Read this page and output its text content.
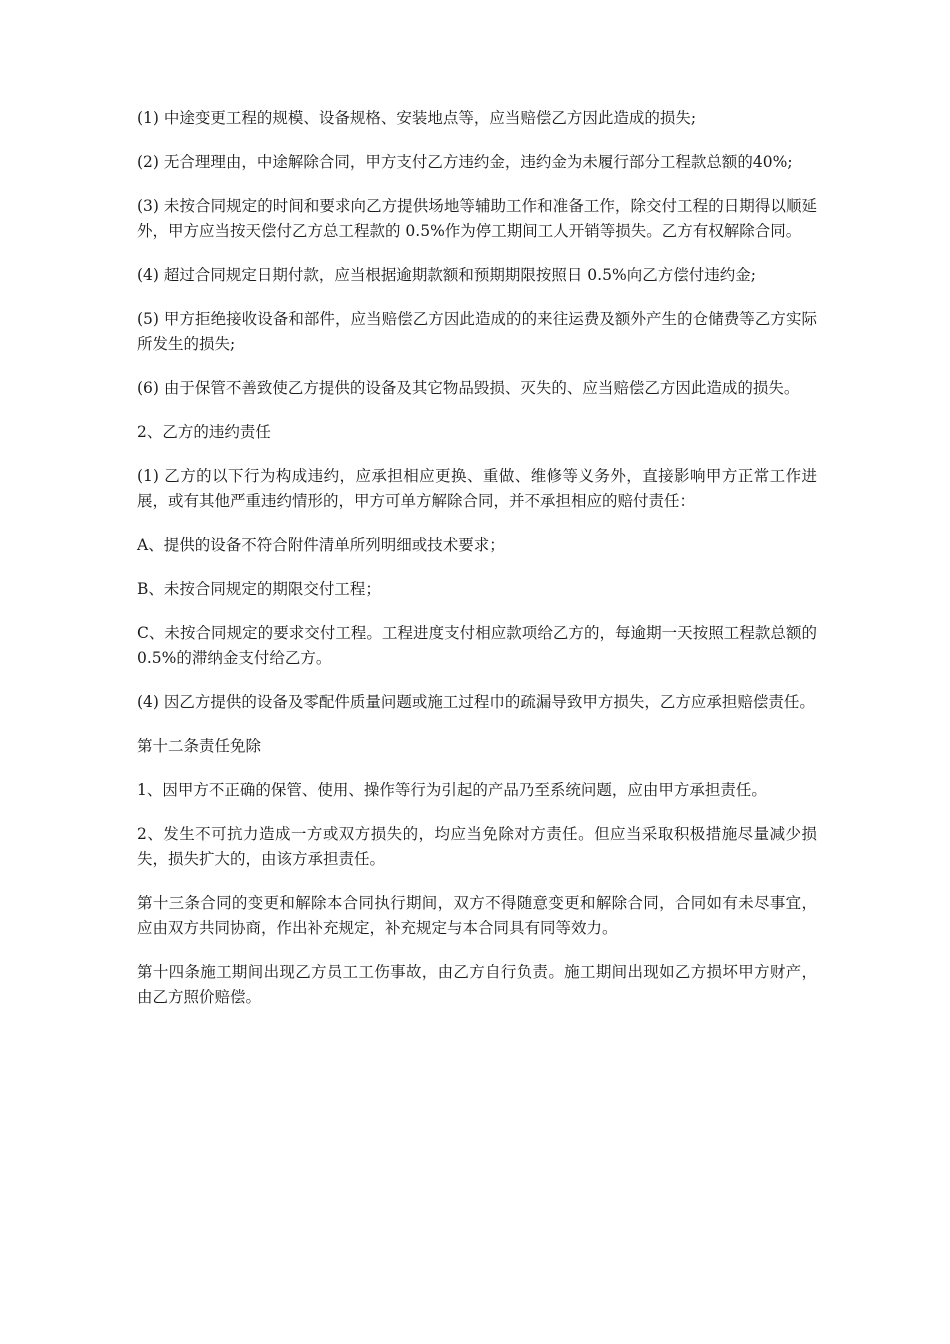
(1) 中途变更工程的规模、设备规格、安装地点等，应当赔偿乙方因此造成的损失;

(2) 无合理理由，中途解除合同，甲方支付乙方违约金，违约金为未履行部分工程款总额的40%;

(3) 未按合同规定的时间和要求向乙方提供场地等辅助工作和准备工作，除交付工程的日期得以顺延外，甲方应当按天偿付乙方总工程款的 0.5%作为停工期间工人开销等损失。乙方有权解除合同。

(4) 超过合同规定日期付款，应当根据逾期款额和预期期限按照日 0.5%向乙方偿付违约金;

(5) 甲方拒绝接收设备和部件，应当赔偿乙方因此造成的的来往运费及额外产生的仓储费等乙方实际所发生的损失;

(6) 由于保管不善致使乙方提供的设备及其它物品毁损、灭失的、应当赔偿乙方因此造成的损失。

2、乙方的违约责任

(1) 乙方的以下行为构成违约，应承担相应更换、重做、维修等义务外，直接影响甲方正常工作进展，或有其他严重违约情形的，甲方可单方解除合同，并不承担相应的赔付责任：

A、提供的设备不符合附件清单所列明细或技术要求；

B、未按合同规定的期限交付工程；

C、未按合同规定的要求交付工程。工程进度支付相应款项给乙方的，每逾期一天按照工程款总额的 0.5%的滞纳金支付给乙方。

(4) 因乙方提供的设备及零配件质量问题或施工过程巾的疏漏导致甲方损失，乙方应承担赔偿责任。

第十二条责任免除

1、因甲方不正确的保管、使用、操作等行为引起的产品乃至系统问题，应由甲方承担责任。

2、发生不可抗力造成一方或双方损失的，均应当免除对方责任。但应当采取积极措施尽量减少损失，损失扩大的，由该方承担责任。

第十三条合同的变更和解除本合同执行期间，双方不得随意变更和解除合同，合同如有未尽事宜，应由双方共同协商，作出补充规定，补充规定与本合同具有同等效力。

第十四条施工期间出现乙方员工工伤事故，由乙方自行负责。施工期间出现如乙方损坏甲方财产，由乙方照价赔偿。
